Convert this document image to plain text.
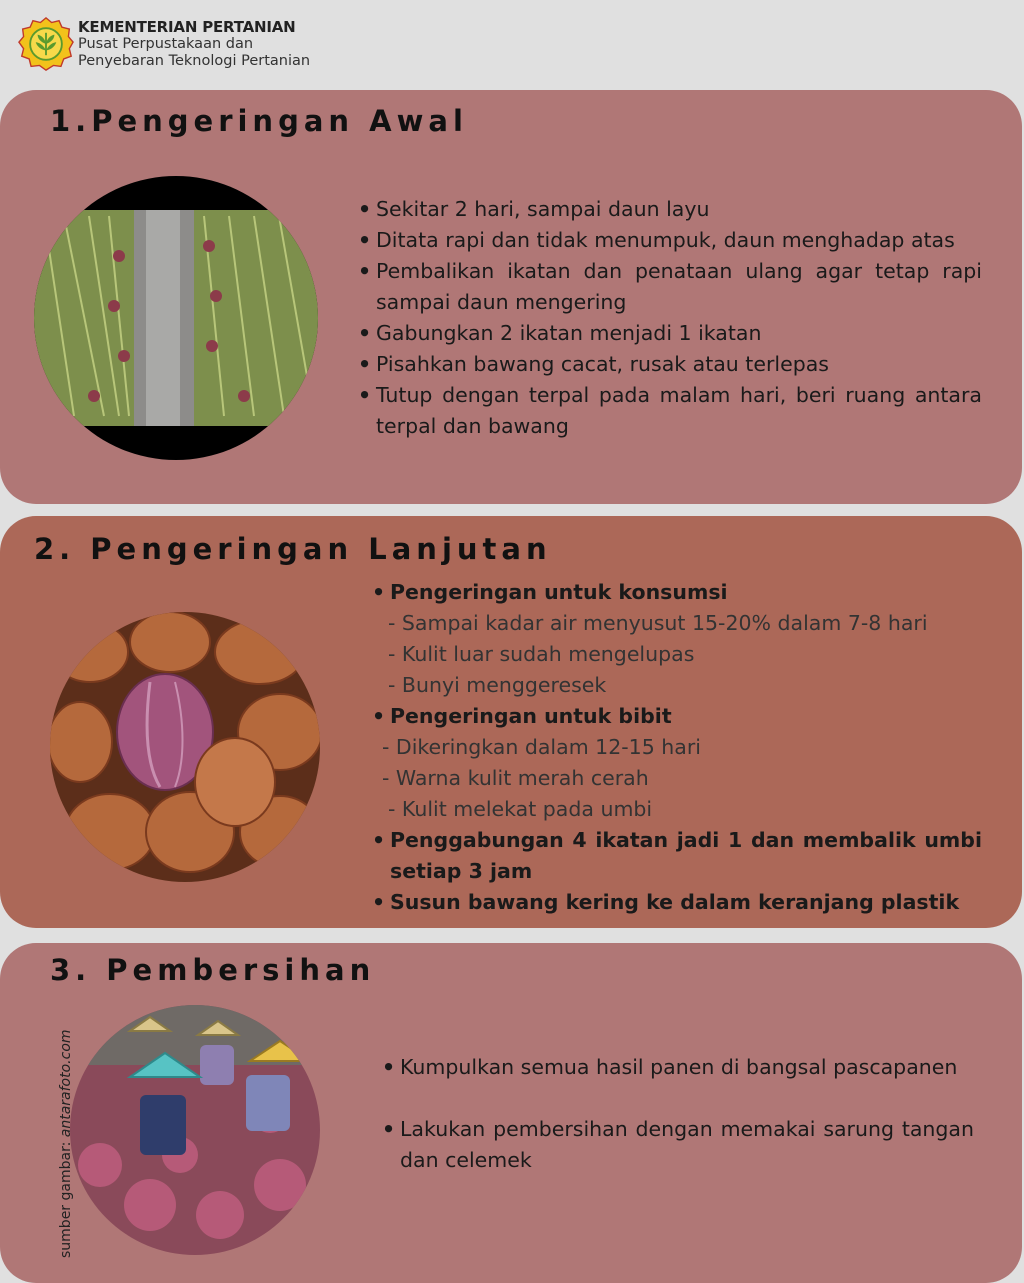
KEMENTERIAN PERTANIAN
Pusat Perpustakaan dan
Penyebaran Teknologi Pertanian
1.Pengeringan Awal
• Sekitar 2 hari, sampai daun layu
• Ditata rapi dan tidak menumpuk, daun menghadap atas
• Pembalikan ikatan dan penataan ulang agar tetap rapi sampai daun mengering
• Gabungkan 2 ikatan menjadi 1 ikatan
• Pisahkan bawang cacat, rusak atau terlepas
• Tutup dengan terpal pada malam hari, beri ruang antara terpal dan bawang
2. Pengeringan Lanjutan
• Pengeringan untuk konsumsi
- Sampai kadar air menyusut 15-20% dalam 7-8 hari
- Kulit luar sudah mengelupas
- Bunyi menggeresek
• Pengeringan untuk bibit
- Dikeringkan dalam 12-15 hari
- Warna kulit merah cerah
- Kulit melekat pada umbi
• Penggabungan 4 ikatan jadi 1 dan membalik umbi setiap 3 jam
• Susun bawang kering ke dalam keranjang plastik
3. Pembersihan
• Kumpulkan semua hasil panen di bangsal pascapanen
• Lakukan pembersihan dengan memakai sarung tangan dan celemek
sumber gambar: antarafoto.com
